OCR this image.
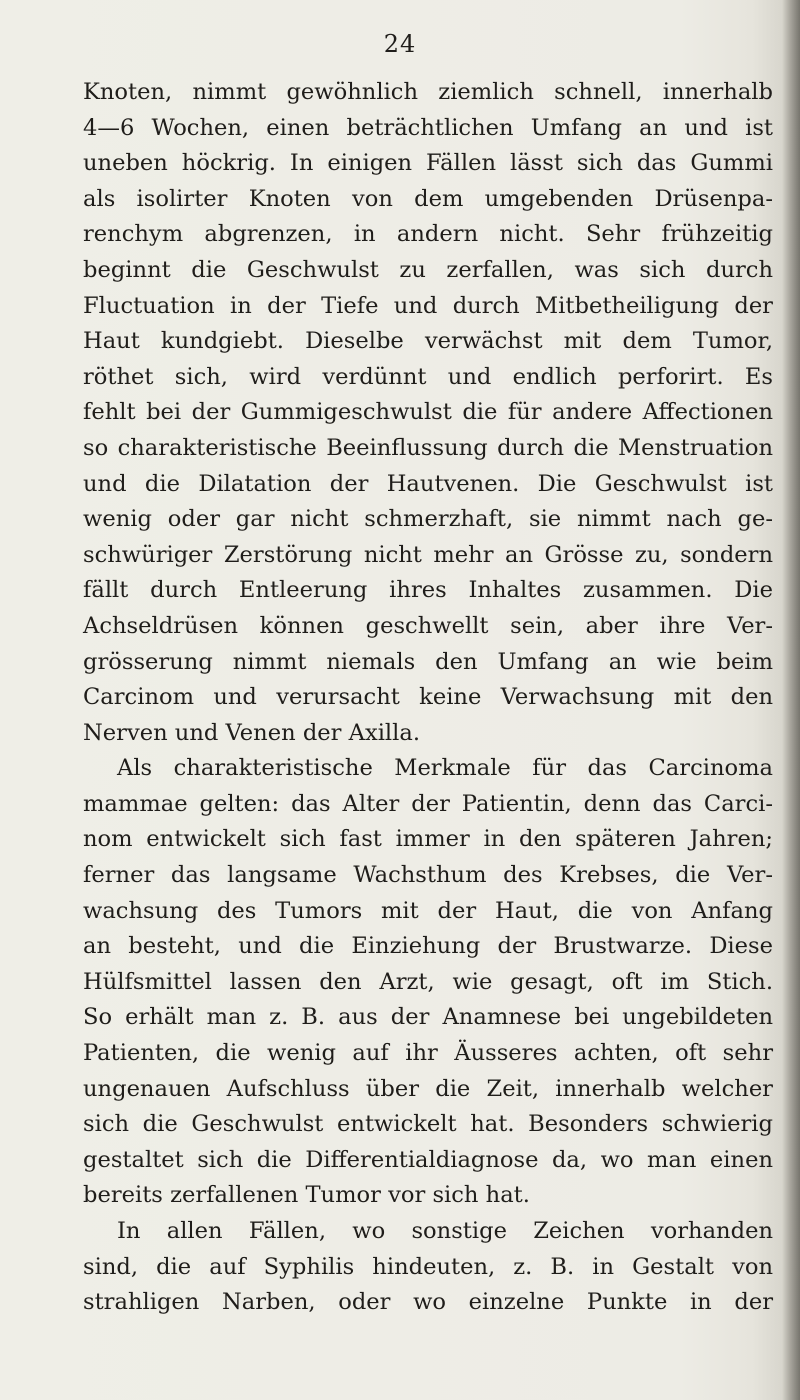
24
Knoten, nimmt gewöhnlich ziemlich schnell, innerhalb
4—6 Wochen, einen beträchtlichen Umfang an und ist
uneben höckrig. In einigen Fällen lässt sich das Gummi
als isolirter Knoten von dem umgebenden Drüsenpa-
renchym abgrenzen, in andern nicht. Sehr frühzeitig
beginnt die Geschwulst zu zerfallen, was sich durch
Fluctuation in der Tiefe und durch Mitbetheiligung der
Haut kundgiebt. Dieselbe verwächst mit dem Tumor,
röthet sich, wird verdünnt und endlich perforirt. Es
fehlt bei der Gummigeschwulst die für andere Affectionen
so charakteristische Beeinflussung durch die Menstruation
und die Dilatation der Hautvenen. Die Geschwulst ist
wenig oder gar nicht schmerzhaft, sie nimmt nach ge-
schwüriger Zerstörung nicht mehr an Grösse zu, sondern
fällt durch Entleerung ihres Inhaltes zusammen. Die
Achseldrüsen können geschwellt sein, aber ihre Ver-
grösserung nimmt niemals den Umfang an wie beim
Carcinom und verursacht keine Verwachsung mit den
Nerven und Venen der Axilla.
Als charakteristische Merkmale für das Carcinoma
mammae gelten: das Alter der Patientin, denn das Carci-
nom entwickelt sich fast immer in den späteren Jahren;
ferner das langsame Wachsthum des Krebses, die Ver-
wachsung des Tumors mit der Haut, die von Anfang
an besteht, und die Einziehung der Brustwarze. Diese
Hülfsmittel lassen den Arzt, wie gesagt, oft im Stich.
So erhält man z. B. aus der Anamnese bei ungebildeten
Patienten, die wenig auf ihr Äusseres achten, oft sehr
ungenauen Aufschluss über die Zeit, innerhalb welcher
sich die Geschwulst entwickelt hat. Besonders schwierig
gestaltet sich die Differentialdiagnose da, wo man einen
bereits zerfallenen Tumor vor sich hat.
In allen Fällen, wo sonstige Zeichen vorhanden
sind, die auf Syphilis hindeuten, z. B. in Gestalt von
strahligen Narben, oder wo einzelne Punkte in der
